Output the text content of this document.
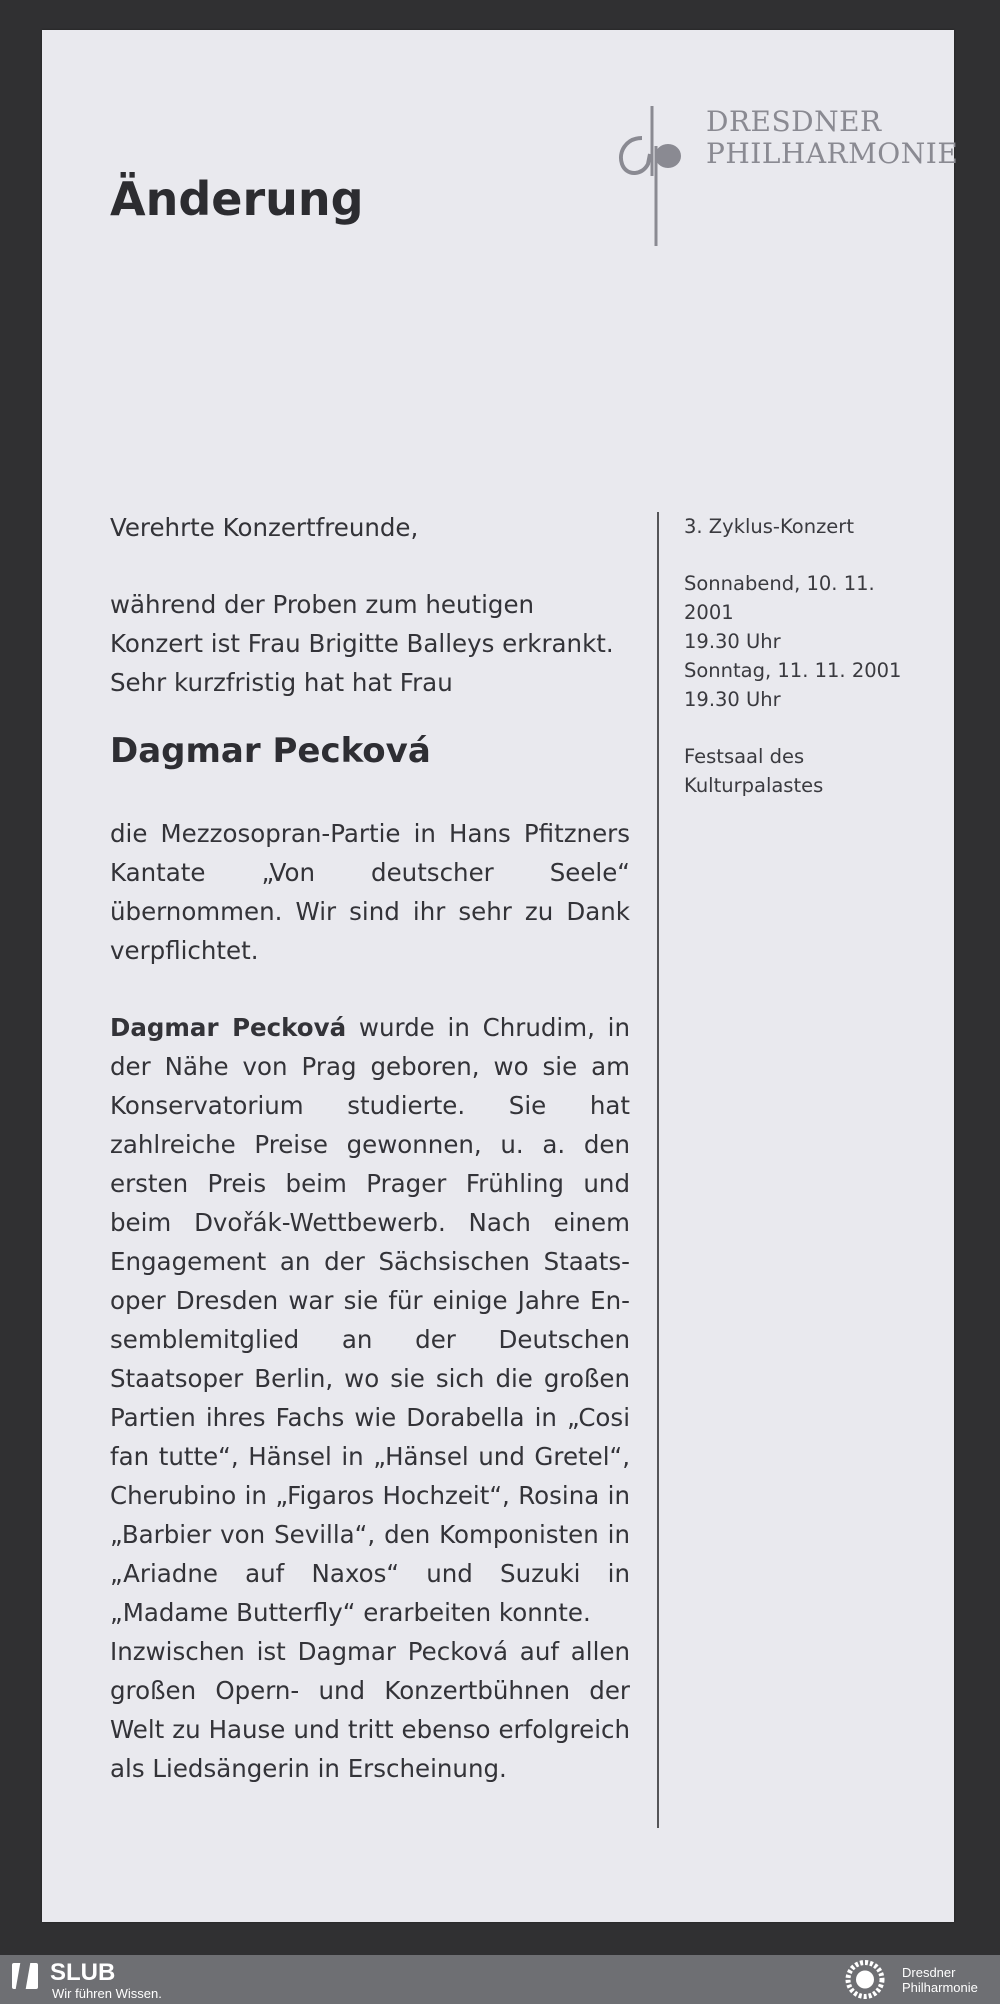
DRESDNER
PHILHARMONIE
Änderung

Verehrte Konzertfreunde,

während der Proben zum heutigen Konzert ist Frau Brigitte Balleys erkrankt. Sehr kurzfristig hat hat Frau

Dagmar Pecková

die Mezzosopran-Partie in Hans Pfitzners Kantate „Von deutscher Seele“ übernommen. Wir sind ihr sehr zu Dank verpflichtet.

Dagmar Pecková wurde in Chrudim, in der Nähe von Prag geboren, wo sie am Konservatorium studierte. Sie hat zahlreiche Preise gewonnen, u. a. den ersten Preis beim Prager Frühling und beim Dvořák-Wettbewerb. Nach einem Engagement an der Sächsischen Staatsoper Dresden war sie für einige Jahre Ensemblemitglied an der Deutschen Staatsoper Berlin, wo sie sich die großen Partien ihres Fachs wie Dorabella in „Cosi fan tutte“, Hänsel in „Hänsel und Gretel“, Cherubino in „Figaros Hochzeit“, Rosina in „Barbier von Sevilla“, den Komponisten in „Ariadne auf Naxos“ und Suzuki in „Madame Butterfly“ erarbeiten konnte.

Inzwischen ist Dagmar Pecková auf allen großen Opern- und Konzertbühnen der Welt zu Hause und tritt ebenso erfolgreich als Liedsängerin in Erscheinung.

3. Zyklus-Konzert
Sonnabend, 10. 11. 2001
19.30 Uhr
Sonntag, 11. 11. 2001
19.30 Uhr
Festsaal des
Kulturpalastes
SLUB
Wir führen Wissen.
Dresdner
Philharmonie
